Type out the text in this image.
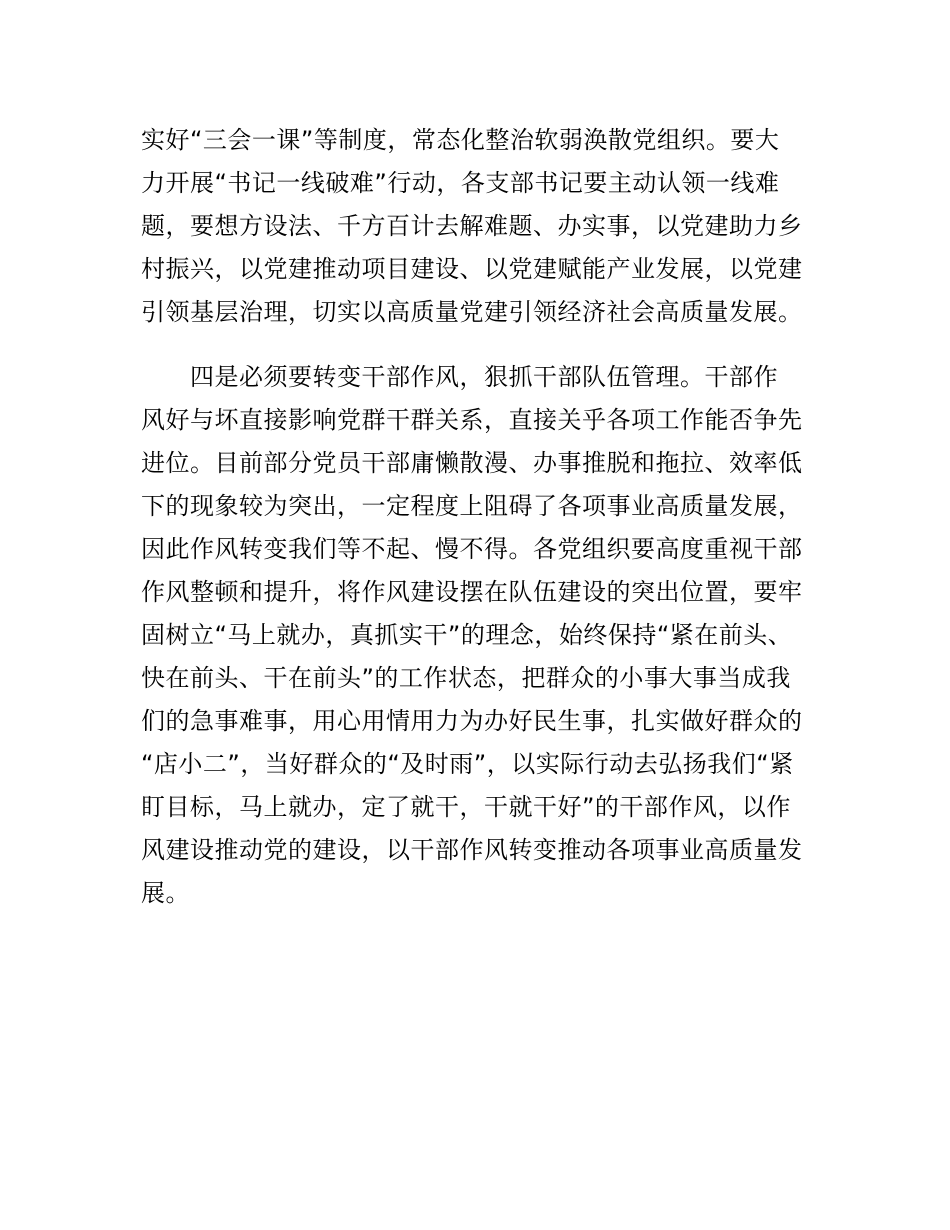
实好“三会一课”等制度，常态化整治软弱涣散党组织。要大
力开展“书记一线破难”行动，各支部书记要主动认领一线难
题，要想方设法、千方百计去解难题、办实事，以党建助力乡
村振兴，以党建推动项目建设、以党建赋能产业发展，以党建
引领基层治理，切实以高质量党建引领经济社会高质量发展。
四是必须要转变干部作风，狠抓干部队伍管理。干部作
风好与坏直接影响党群干群关系，直接关乎各项工作能否争先
进位。目前部分党员干部庸懒散漫、办事推脱和拖拉、效率低
下的现象较为突出，一定程度上阻碍了各项事业高质量发展，
因此作风转变我们等不起、慢不得。各党组织要高度重视干部
作风整顿和提升，将作风建设摆在队伍建设的突出位置，要牢
固树立“马上就办，真抓实干”的理念，始终保持“紧在前头、
快在前头、干在前头”的工作状态，把群众的小事大事当成我
们的急事难事，用心用情用力为办好民生事，扎实做好群众的
“店小二”，当好群众的“及时雨”，以实际行动去弘扬我们“紧
盯目标，马上就办，定了就干，干就干好”的干部作风，以作
风建设推动党的建设，以干部作风转变推动各项事业高质量发
展。
